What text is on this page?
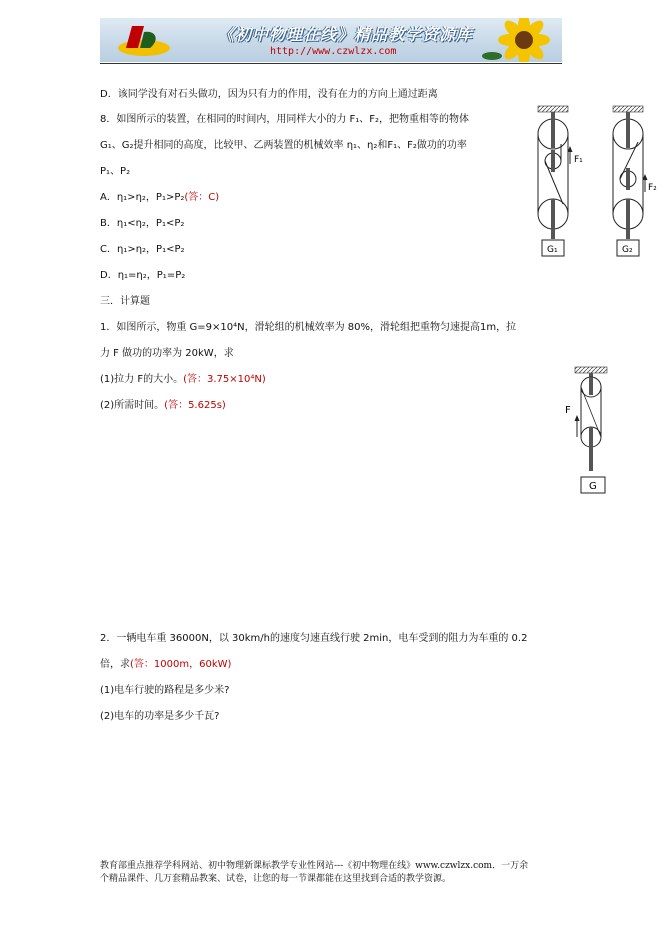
《初中物理在线》精品教学资源库
http://www.czwlzx.com
D．该同学没有对石头做功，因为只有力的作用，没有在力的方向上通过距离
8．如图所示的装置，在相同的时间内，用同样大小的力 F₁、F₂，把物重相等的物体
G₁、G₂提升相同的高度，比较甲、乙两装置的机械效率 η₁、η₂和F₁、F₂做功的功率
P₁、P₂
A．η₁>η₂，P₁>P₂(答：C)
B．η₁<η₂，P₁<P₂
C．η₁>η₂，P₁<P₂
D．η₁=η₂，P₁=P₂
三．计算题
1．如图所示，物重 G=9×10⁴N，滑轮组的机械效率为 80%，滑轮组把重物匀速提高1m，拉
力 F 做功的功率为 20kW，求
(1)拉力 F的大小。(答：3.75×10⁴N)
(2)所需时间。(答：5.625s)
2．一辆电车重 36000N，以 30km/h的速度匀速直线行驶 2min，电车受到的阻力为车重的 0.2
倍，求(答：1000m，60kW)
(1)电车行驶的路程是多少米?
(2)电车的功率是多少千瓦?
F₁
G₁
F₂
G₂
F
G
教育部重点推荐学科网站、初中物理新课标教学专业性网站---《初中物理在线》www.czwlzx.com．一万余
个精品课件、几万套精品教案、试卷，让您的每一节课都能在这里找到合适的教学资源。
